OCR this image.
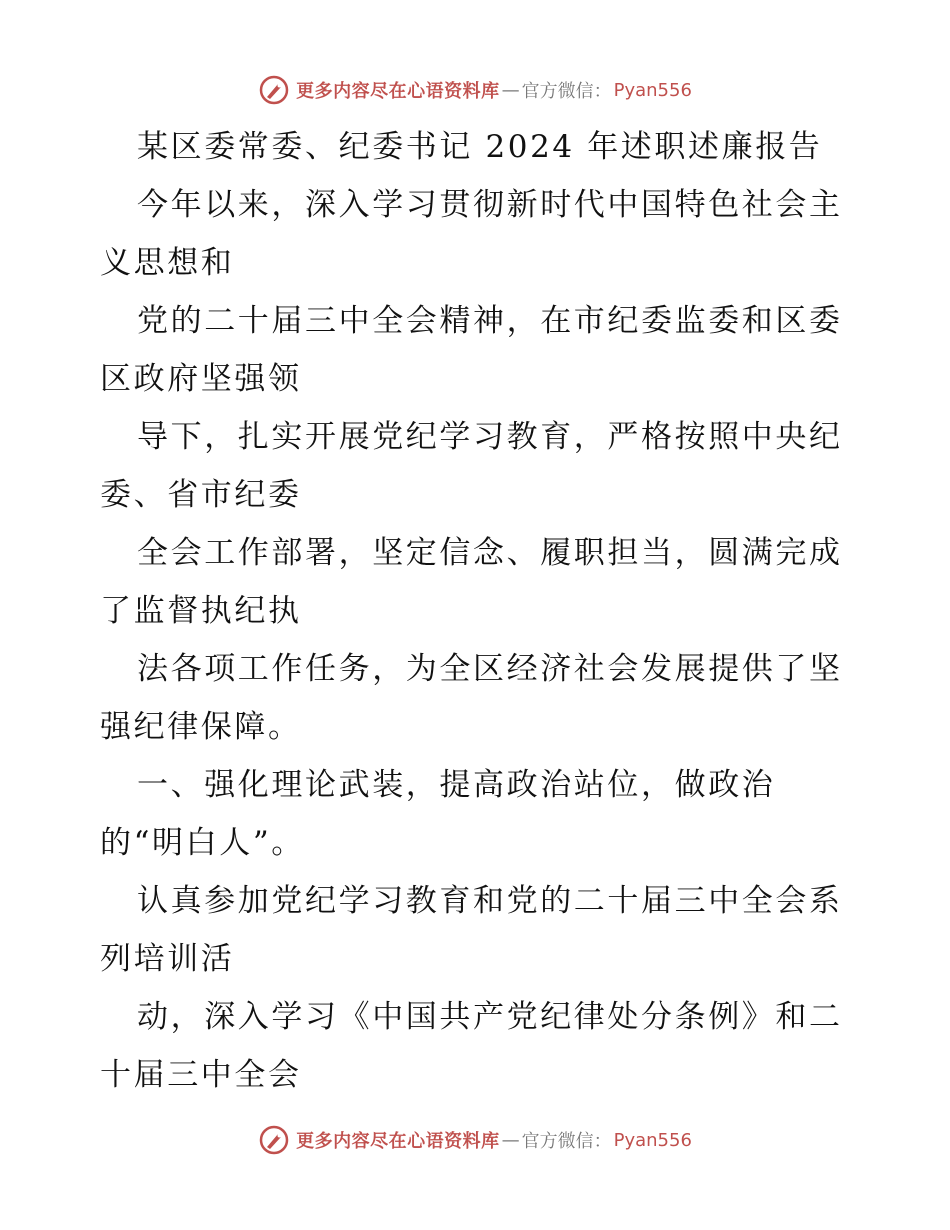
更多内容尽在心语资料库 — 官方微信： Pyan556
某区委常委、纪委书记 2024 年述职述廉报告
今年以来，深入学习贯彻新时代中国特色社会主
义思想和
党的二十届三中全会精神，在市纪委监委和区委
区政府坚强领
导下，扎实开展党纪学习教育，严格按照中央纪
委、省市纪委
全会工作部署，坚定信念、履职担当，圆满完成
了监督执纪执
法各项工作任务，为全区经济社会发展提供了坚
强纪律保障。
一、强化理论武装，提高政治站位，做政治
的“明白人”。
认真参加党纪学习教育和党的二十届三中全会系
列培训活
动，深入学习《中国共产党纪律处分条例》和二
十届三中全会
更多内容尽在心语资料库 — 官方微信： Pyan556
